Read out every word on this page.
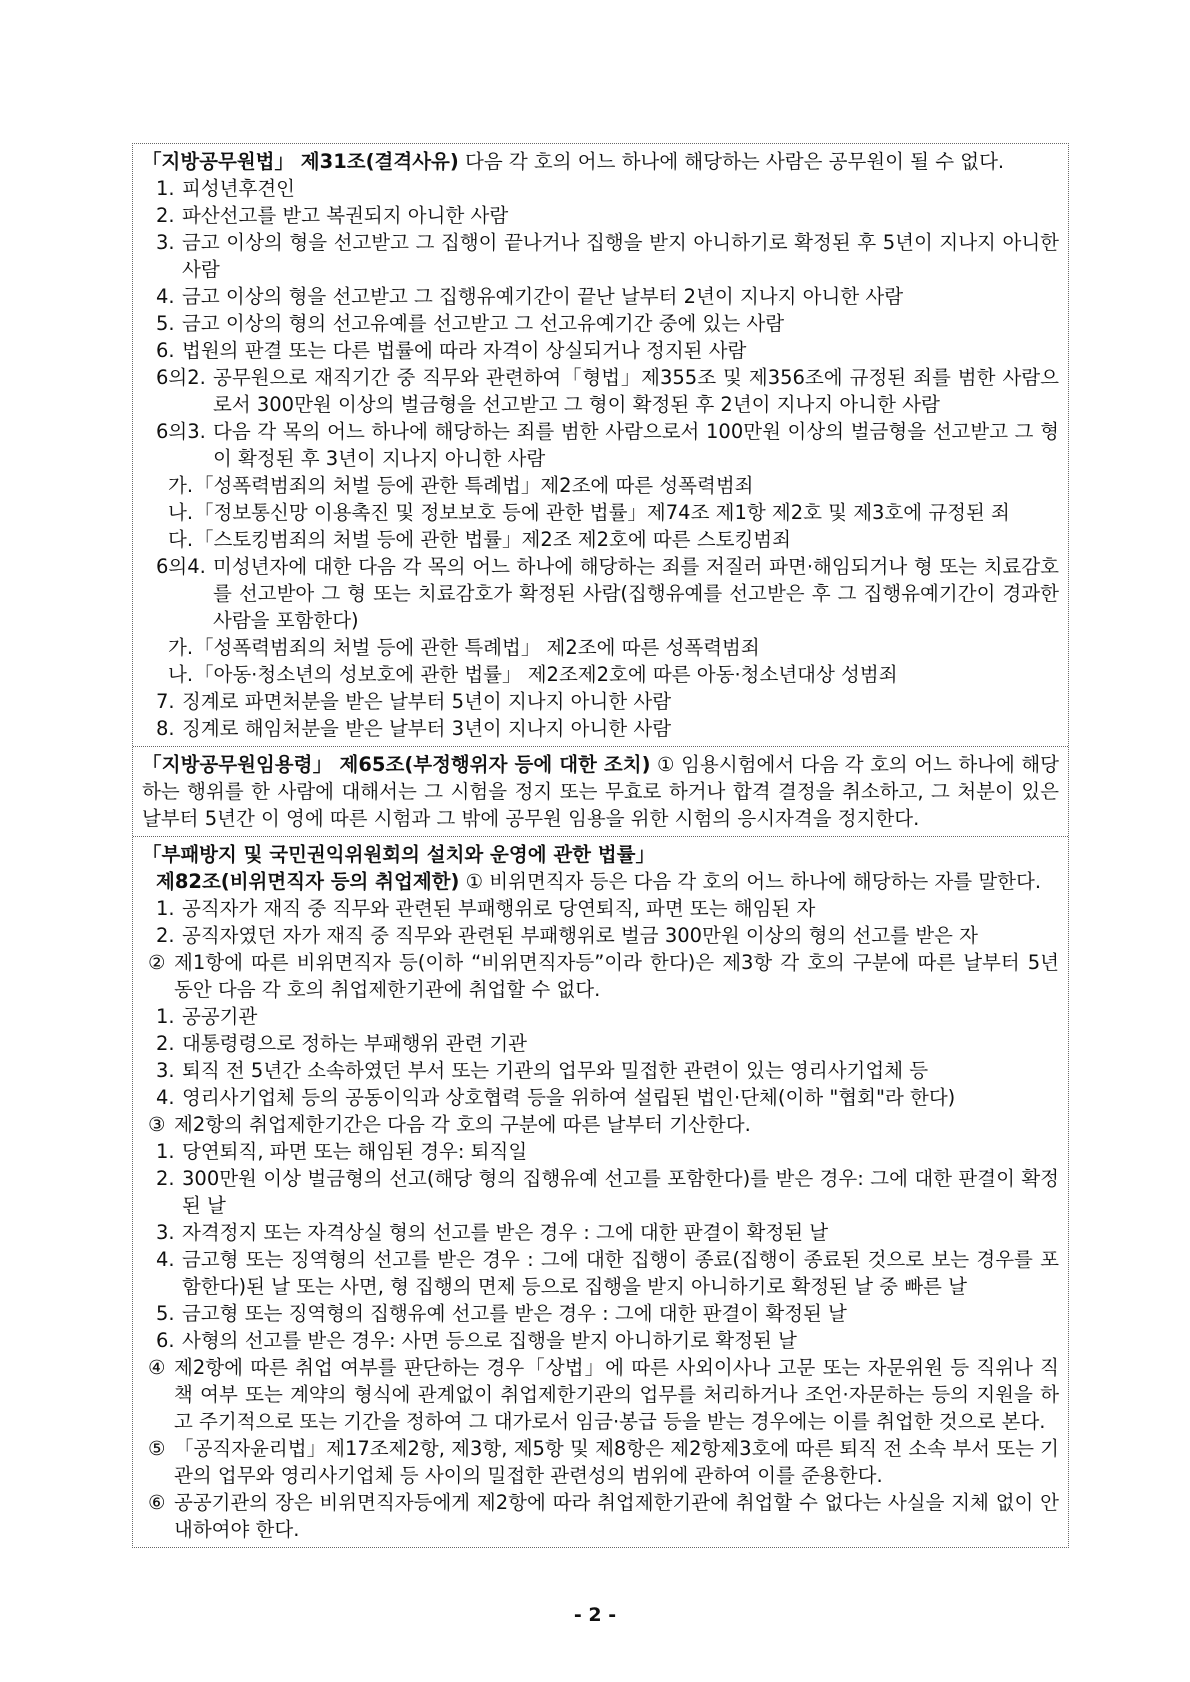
「지방공무원법」 제31조(결격사유) 다음 각 호의 어느 하나에 해당하는 사람은 공무원이 될 수 없다.
1. 피성년후견인
2. 파산선고를 받고 복권되지 아니한 사람
3. 금고 이상의 형을 선고받고 그 집행이 끝나거나 집행을 받지 아니하기로 확정된 후 5년이 지나지 아니한 사람
4. 금고 이상의 형을 선고받고 그 집행유예기간이 끝난 날부터 2년이 지나지 아니한 사람
5. 금고 이상의 형의 선고유예를 선고받고 그 선고유예기간 중에 있는 사람
6. 법원의 판결 또는 다른 법률에 따라 자격이 상실되거나 정지된 사람
6의2. 공무원으로 재직기간 중 직무와 관련하여「형법」제355조 및 제356조에 규정된 죄를 범한 사람으로서 300만원 이상의 벌금형을 선고받고 그 형이 확정된 후 2년이 지나지 아니한 사람
6의3. 다음 각 목의 어느 하나에 해당하는 죄를 범한 사람으로서 100만원 이상의 벌금형을 선고받고 그 형이 확정된 후 3년이 지나지 아니한 사람
가. 「성폭력범죄의 처벌 등에 관한 특례법」제2조에 따른 성폭력범죄
나. 「정보통신망 이용촉진 및 정보보호 등에 관한 법률」제74조 제1항 제2호 및 제3호에 규정된 죄
다. 「스토킹범죄의 처벌 등에 관한 법률」제2조 제2호에 따른 스토킹범죄
6의4. 미성년자에 대한 다음 각 목의 어느 하나에 해당하는 죄를 저질러 파면·해임되거나 형 또는 치료감호를 선고받아 그 형 또는 치료감호가 확정된 사람(집행유예를 선고받은 후 그 집행유예기간이 경과한 사람을 포함한다)
가. 「성폭력범죄의 처벌 등에 관한 특례법」 제2조에 따른 성폭력범죄
나. 「아동·청소년의 성보호에 관한 법률」 제2조제2호에 따른 아동·청소년대상 성범죄
7. 징계로 파면처분을 받은 날부터 5년이 지나지 아니한 사람
8. 징계로 해임처분을 받은 날부터 3년이 지나지 아니한 사람
「지방공무원임용령」 제65조(부정행위자 등에 대한 조치) ① 임용시험에서 다음 각 호의 어느 하나에 해당하는 행위를 한 사람에 대해서는 그 시험을 정지 또는 무효로 하거나 합격 결정을 취소하고, 그 처분이 있은 날부터 5년간 이 영에 따른 시험과 그 밖에 공무원 임용을 위한 시험의 응시자격을 정지한다.
「부패방지 및 국민권익위원회의 설치와 운영에 관한 법률」
제82조(비위면직자 등의 취업제한) ① 비위면직자 등은 다음 각 호의 어느 하나에 해당하는 자를 말한다.
1. 공직자가 재직 중 직무와 관련된 부패행위로 당연퇴직, 파면 또는 해임된 자
2. 공직자였던 자가 재직 중 직무와 관련된 부패행위로 벌금 300만원 이상의 형의 선고를 받은 자
② 제1항에 따른 비위면직자 등(이하 “비위면직자등”이라 한다)은 제3항 각 호의 구분에 따른 날부터 5년 동안 다음 각 호의 취업제한기관에 취업할 수 없다.
1. 공공기관
2. 대통령령으로 정하는 부패행위 관련 기관
3. 퇴직 전 5년간 소속하였던 부서 또는 기관의 업무와 밀접한 관련이 있는 영리사기업체 등
4. 영리사기업체 등의 공동이익과 상호협력 등을 위하여 설립된 법인·단체(이하 "협회"라 한다)
③ 제2항의 취업제한기간은 다음 각 호의 구분에 따른 날부터 기산한다.
1. 당연퇴직, 파면 또는 해임된 경우: 퇴직일
2. 300만원 이상 벌금형의 선고(해당 형의 집행유예 선고를 포함한다)를 받은 경우: 그에 대한 판결이 확정된 날
3. 자격정지 또는 자격상실 형의 선고를 받은 경우 : 그에 대한 판결이 확정된 날
4. 금고형 또는 징역형의 선고를 받은 경우 : 그에 대한 집행이 종료(집행이 종료된 것으로 보는 경우를 포함한다)된 날 또는 사면, 형 집행의 면제 등으로 집행을 받지 아니하기로 확정된 날 중 빠른 날
5. 금고형 또는 징역형의 집행유예 선고를 받은 경우 : 그에 대한 판결이 확정된 날
6. 사형의 선고를 받은 경우: 사면 등으로 집행을 받지 아니하기로 확정된 날
④ 제2항에 따른 취업 여부를 판단하는 경우「상법」에 따른 사외이사나 고문 또는 자문위원 등 직위나 직책 여부 또는 계약의 형식에 관계없이 취업제한기관의 업무를 처리하거나 조언·자문하는 등의 지원을 하고 주기적으로 또는 기간을 정하여 그 대가로서 임금·봉급 등을 받는 경우에는 이를 취업한 것으로 본다.
⑤ 「공직자윤리법」제17조제2항, 제3항, 제5항 및 제8항은 제2항제3호에 따른 퇴직 전 소속 부서 또는 기관의 업무와 영리사기업체 등 사이의 밀접한 관련성의 범위에 관하여 이를 준용한다.
⑥ 공공기관의 장은 비위면직자등에게 제2항에 따라 취업제한기관에 취업할 수 없다는 사실을 지체 없이 안내하여야 한다.
- 2 -
